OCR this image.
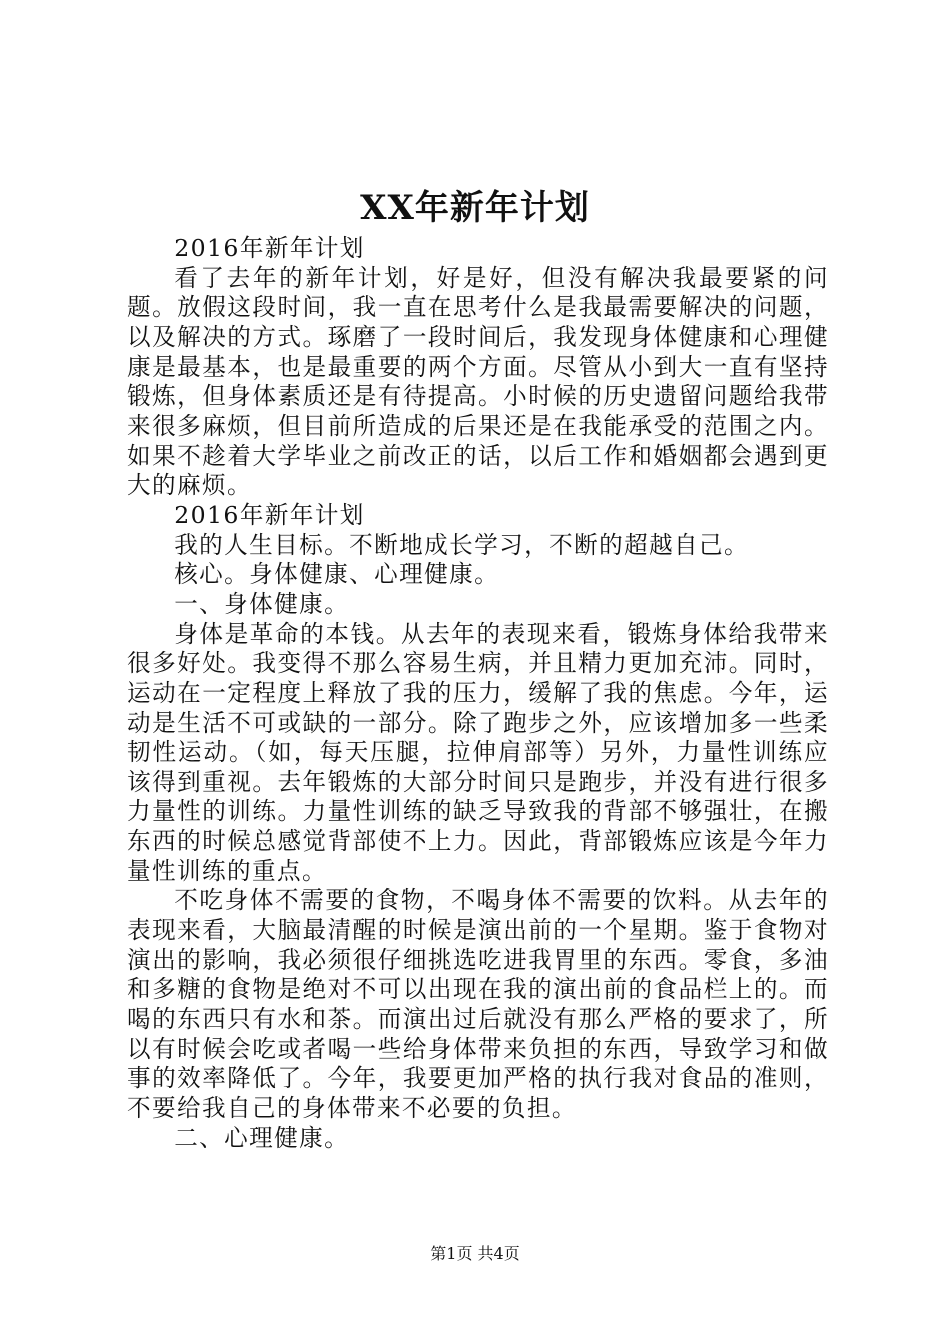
XX年新年计划

2016年新年计划

看了去年的新年计划，好是好，但没有解决我最要紧的问题。放假这段时间，我一直在思考什么是我最需要解决的问题，以及解决的方式。琢磨了一段时间后，我发现身体健康和心理健康是最基本，也是最重要的两个方面。尽管从小到大一直有坚持锻炼，但身体素质还是有待提高。小时候的历史遗留问题给我带来很多麻烦，但目前所造成的后果还是在我能承受的范围之内。如果不趁着大学毕业之前改正的话，以后工作和婚姻都会遇到更大的麻烦。

2016年新年计划

我的人生目标。不断地成长学习，不断的超越自己。

核心。身体健康、心理健康。

一、身体健康。

身体是革命的本钱。从去年的表现来看，锻炼身体给我带来很多好处。我变得不那么容易生病，并且精力更加充沛。同时，运动在一定程度上释放了我的压力，缓解了我的焦虑。今年，运动是生活不可或缺的一部分。除了跑步之外，应该增加多一些柔韧性运动。（如，每天压腿，拉伸肩部等）另外，力量性训练应该得到重视。去年锻炼的大部分时间只是跑步，并没有进行很多力量性的训练。力量性训练的缺乏导致我的背部不够强壮，在搬东西的时候总感觉背部使不上力。因此，背部锻炼应该是今年力量性训练的重点。

不吃身体不需要的食物，不喝身体不需要的饮料。从去年的表现来看，大脑最清醒的时候是演出前的一个星期。鉴于食物对演出的影响，我必须很仔细挑选吃进我胃里的东西。零食，多油和多糖的食物是绝对不可以出现在我的演出前的食品栏上的。而喝的东西只有水和茶。而演出过后就没有那么严格的要求了，所以有时候会吃或者喝一些给身体带来负担的东西，导致学习和做事的效率降低了。今年，我要更加严格的执行我对食品的准则，不要给我自己的身体带来不必要的负担。

二、心理健康。

第1页 共4页
